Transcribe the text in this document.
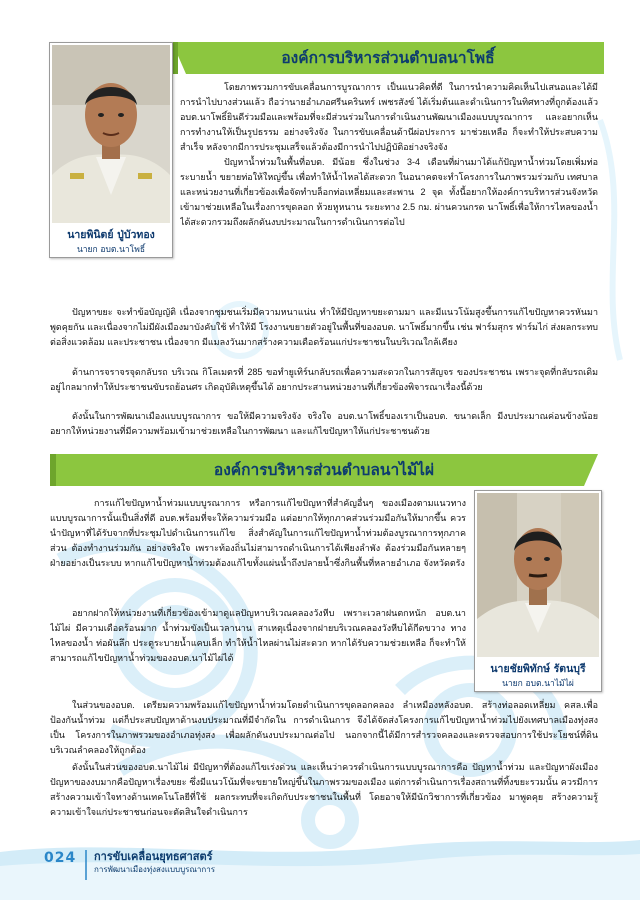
องค์การบริหารส่วนตำบลนาโพธิ์
นายพินิตย์ ปู่บัวทอง
นายก อบต.นาโพธิ์

โดยภาพรวมการขับเคลื่อนการบูรณาการ เป็นแนวคิดที่ดี ในการนำความคิดเห็นไปเสนอและได้มีการนำไปบางส่วนแล้ว ถือว่านายอำเภอศรีนครินทร์ เพชรสังข์ ได้เริ่มต้นและดำเนินการในทิศทางที่ถูกต้องแล้ว อบต.นาโพธิ์ยินดีร่วมมือและพร้อมที่จะมีส่วนร่วมในการดำเนินงานพัฒนาเมืองแบบบูรณาการ และอยากเห็นการทำงานให้เป็นรูปธรรม อย่างจริงจัง ในการขับเคลื่อนด้านีผ่อประการ มาช่วยเหลือ ก็จะทำให้ประสบความสำเร็จ หลังจากมีการประชุมเสร็จแล้วต้องมีการนำไปปฏิบัติอย่างจริงจัง

ปัญหาน้ำท่วมในพื้นที่อบต. มีน้อย ซึ่งในช่วง 3-4 เดือนที่ผ่านมาได้แก้ปัญหาน้ำท่วมโดยเพิ่มท่อระบายน้ำ ขยายท่อให้ใหญ่ขึ้น เพื่อทำให้น้ำไหลได้สะดวก ในอนาคตจะทำโครงการในภาพรวมร่วมกับ เทศบาลและหน่วยงานที่เกี่ยวข้องเพื่อจัดทำบล็อกท่อเหลี่ยมและสะพาน 2 จุด ทั้งนี้อยากให้องค์การบริหารส่วนจังหวัด เข้ามาช่วยเหลือในเรื่องการขุดลอก ห้วยหูหนาน ระยะทาง 2.5 กม. ผ่านควนกรด นาโพธิ์เพื่อให้การไหลของน้ำได้สะดวกรวมถึงผลักดันงบประมาณในการดำเนินการต่อไป

ปัญหาขยะ จะทำข้อบัญญัติ เนื่องจากชุมชนเริ่มมีความหนาแน่น ทำให้มีปัญหาขยะตามมา และมีแนวโน้มสูงขึ้นการแก้ไขปัญหาควรหันมาพูดคุยกัน และเนื่องจากไม่มีผังเมืองมาบังคับใช้ ทำให้มี โรงงานขยายตัวอยู่ในพื้นที่ของอบต. นาโพธิ์มากขึ้น เช่น ฟาร์มสุกร ฟาร์มไก่ ส่งผลกระทบต่อสิ่งแวดล้อม และประชาชน เนื่องจาก มีแมลงวันมากสร้างความเดือดร้อนแก่ประชาชนในบริเวณใกล้เคียง

ด้านการจราจรจุดกลับรถ บริเวณ กิโลเมตรที่ 285 ขอทำยูเทิร์นกลับรถเพื่อความสะดวกในการสัญจร ของประชาชน เพราะจุดที่กลับรถเดิมอยู่ไกลมากทำให้ประชาชนขับรถย้อนศร เกิดอุบัติเหตุขึ้นได้ อยากประสานหน่วยงานที่เกี่ยวข้องพิจารณาเรื่องนี้ด้วย

ดังนั้นในการพัฒนาเมืองแบบบูรณาการ ขอให้มีความจริงจัง จริงใจ อบต.นาโพธิ์ของเราเป็นอบต. ขนาดเล็ก มีงบประมาณค่อนข้างน้อย อยากให้หน่วยงานที่มีความพร้อมเข้ามาช่วยเหลือในการพัฒนา และแก้ไขปัญหาให้แก่ประชาชนด้วย

องค์การบริหารส่วนตำบลนาไม้ไผ่
นายชัยพิทักษ์ รัตนบุรี
นายก อบต.นาไม้ไผ่

การแก้ไขปัญหาน้ำท่วมแบบบูรณาการ หรือการแก้ไขปัญหาที่สำคัญอื่นๆ ของเมืองตามแนวทางแบบบูรณาการนั้นเป็นสิ่งที่ดี อบต.พร้อมที่จะให้ความร่วมมือ แต่อยากให้ทุกภาคส่วนร่วมมือกันให้มากขึ้น ควรนำปัญหาที่ได้รับจากที่ประชุมไปดำเนินการแก้ไข สิ่งสำคัญในการแก้ไขปัญหาน้ำท่วมต้องบูรณาการทุกภาคส่วน ต้องทำงานร่วมกัน อย่างจริงใจ เพราะท้องถิ่นไม่สามารถดำเนินการได้เพียงลำพัง ต้องร่วมมือกันหลายๆ ฝ่ายอย่างเป็นระบบ หากแก้ไขปัญหาน้ำท่วมต้องแก้ไขทั้งแผ่นน้ำถึงปลายน้ำซึ่งกินพื้นที่หลายอำเภอ จังหวัดตรัง

อยากฝากให้หน่วยงานที่เกี่ยวข้องเข้ามาดูแลปัญหาบริเวณคลองวังหีบ เพราะเวลาฝนตกหนัก อบต.นาไม้ไผ่ มีความเดือดร้อนมาก น้ำท่วมขังเป็นเวลานาน สาเหตุเนื่องจากฝายบริเวณคลองวังหีบได้กีดขวาง ทางไหลของน้ำ ท่อผันลึก ประตูระบายน้ำแคบเล็ก ทำให้น้ำไหลผ่านไม่สะดวก หากได้รับความช่วยเหลือ ก็จะทำให้สามารถแก้ไขปัญหาน้ำท่วมของอบต.นาไม้ไผ่ได้

ในส่วนของอบต. เตรียมความพร้อมแก้ไขปัญหาน้ำท่วมโดยดำเนินการขุดลอกคลอง ลำเหมืองหลังอบต. สร้างท่อลอดเหลี่ยม คสล.เพื่อป้องกันน้ำท่วม แต่ก็ประสบปัญหาด้านงบประมาณที่มีจำกัดใน การดำเนินการ จึงได้จัดส่งโครงการแก้ไขปัญหาน้ำท่วมไปยังเทศบาลเมืองทุ่งสงเป็น โครงการในภาพรวมของอำเภอทุ่งสง เพื่อผลักดันงบประมาณต่อไป นอกจากนี้ได้มีการสำรวจคลองและตรวจสอบการใช้ประโยชน์ที่ดินบริเวณลำคลองให้ถูกต้อง

ดังนั้นในส่วนของอบต.นาไม้ไผ่ มีปัญหาที่ต้องแก้ไขเร่งด่วน และเห็นว่าควรดำเนินการแบบบูรณาการคือ ปัญหาน้ำท่วม และปัญหาผังเมือง ปัญหาของงบมากคือปัญหาเรื่องขยะ ซึ่งมีแนวโน้มที่จะขยายใหญ่ขึ้นในภาพรวมของเมือง แต่การดำเนินการเรื่องสถานที่ทิ้งขยะรวมนั้น ควรมีการสร้างความเข้าใจทางด้านเทคโนโลยีที่ใช้ ผลกระทบที่จะเกิดกับประชาชนในพื้นที่ โดยอาจให้มีนักวิชาการที่เกี่ยวข้อง มาพูดคุย สร้างความรู้ ความเข้าใจแก่ประชาชนก่อนจะตัดสินใจดำเนินการ

024 การขับเคลื่อนยุทธศาสตร์
การพัฒนาเมืองทุ่งสงแบบบูรณาการ
